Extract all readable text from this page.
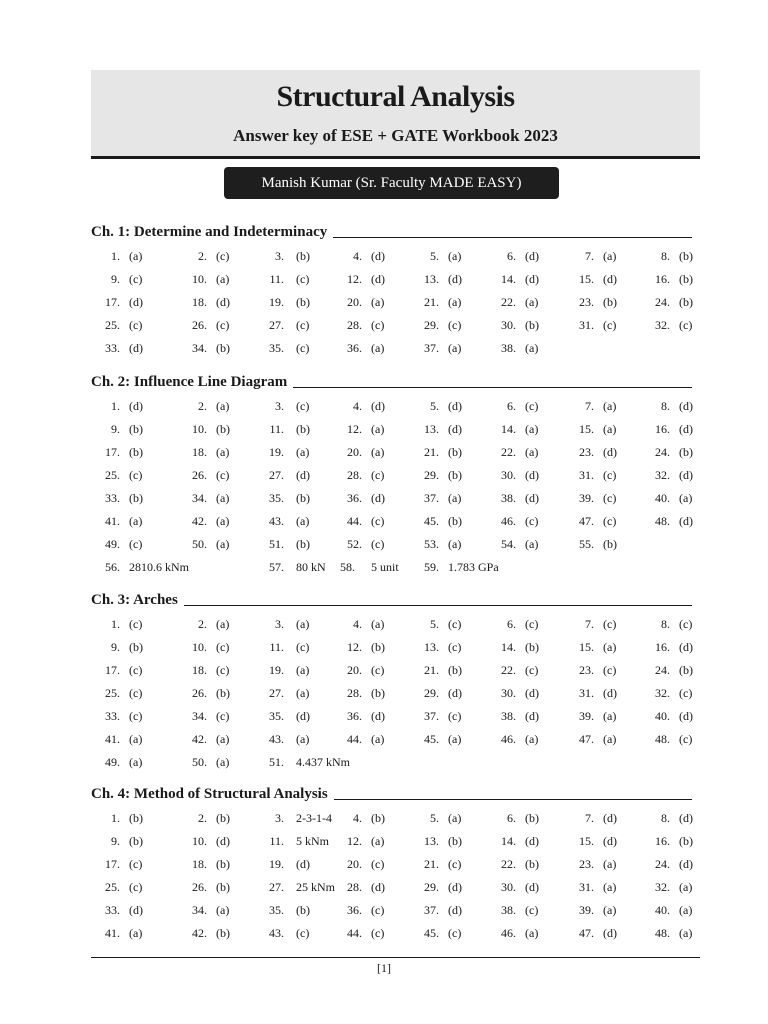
Structural Analysis
Answer key of ESE + GATE Workbook 2023
Manish Kumar (Sr. Faculty MADE EASY)
Ch. 1: Determine and Indeterminacy
1. (a)	2. (c)	3. (b)	4. (d)	5. (a)	6. (d)	7. (a)	8. (b)
9. (c)	10. (a)	11. (c)	12. (d)	13. (d)	14. (d)	15. (d)	16. (b)
17. (d)	18. (d)	19. (b)	20. (a)	21. (a)	22. (a)	23. (b)	24. (b)
25. (c)	26. (c)	27. (c)	28. (c)	29. (c)	30. (b)	31. (c)	32. (c)
33. (d)	34. (b)	35. (c)	36. (a)	37. (a)	38. (a)
Ch. 2: Influence Line Diagram
1. (d)	2. (a)	3. (c)	4. (d)	5. (d)	6. (c)	7. (a)	8. (d)
9. (b)	10. (b)	11. (b)	12. (a)	13. (d)	14. (a)	15. (a)	16. (d)
17. (b)	18. (a)	19. (a)	20. (a)	21. (b)	22. (a)	23. (d)	24. (b)
25. (c)	26. (c)	27. (d)	28. (c)	29. (b)	30. (d)	31. (c)	32. (d)
33. (b)	34. (a)	35. (b)	36. (d)	37. (a)	38. (d)	39. (c)	40. (a)
41. (a)	42. (a)	43. (a)	44. (c)	45. (b)	46. (c)	47. (c)	48. (d)
49. (c)	50. (a)	51. (b)	52. (c)	53. (a)	54. (a)	55. (b)
56. 2810.6 kNm	57. 80 kN	58. 5 unit	59. 1.783 GPa
Ch. 3: Arches
1. (c)	2. (a)	3. (a)	4. (a)	5. (c)	6. (c)	7. (c)	8. (c)
9. (b)	10. (c)	11. (c)	12. (b)	13. (c)	14. (b)	15. (a)	16. (d)
17. (c)	18. (c)	19. (a)	20. (c)	21. (b)	22. (c)	23. (c)	24. (b)
25. (c)	26. (b)	27. (a)	28. (b)	29. (d)	30. (d)	31. (d)	32. (c)
33. (c)	34. (c)	35. (d)	36. (d)	37. (c)	38. (d)	39. (a)	40. (d)
41. (a)	42. (a)	43. (a)	44. (a)	45. (a)	46. (a)	47. (a)	48. (c)
49. (a)	50. (a)	51. 4.437 kNm
Ch. 4: Method of Structural Analysis
1. (b)	2. (b)	3. 2-3-1-4	4. (b)	5. (a)	6. (b)	7. (d)	8. (d)
9. (b)	10. (d)	11. 5 kNm	12. (a)	13. (b)	14. (d)	15. (d)	16. (b)
17. (c)	18. (b)	19. (d)	20. (c)	21. (c)	22. (b)	23. (a)	24. (d)
25. (c)	26. (b)	27. 25 kNm	28. (d)	29. (d)	30. (d)	31. (a)	32. (a)
33. (d)	34. (a)	35. (b)	36. (c)	37. (d)	38. (c)	39. (a)	40. (a)
41. (a)	42. (b)	43. (c)	44. (c)	45. (c)	46. (a)	47. (d)	48. (a)
[1]
